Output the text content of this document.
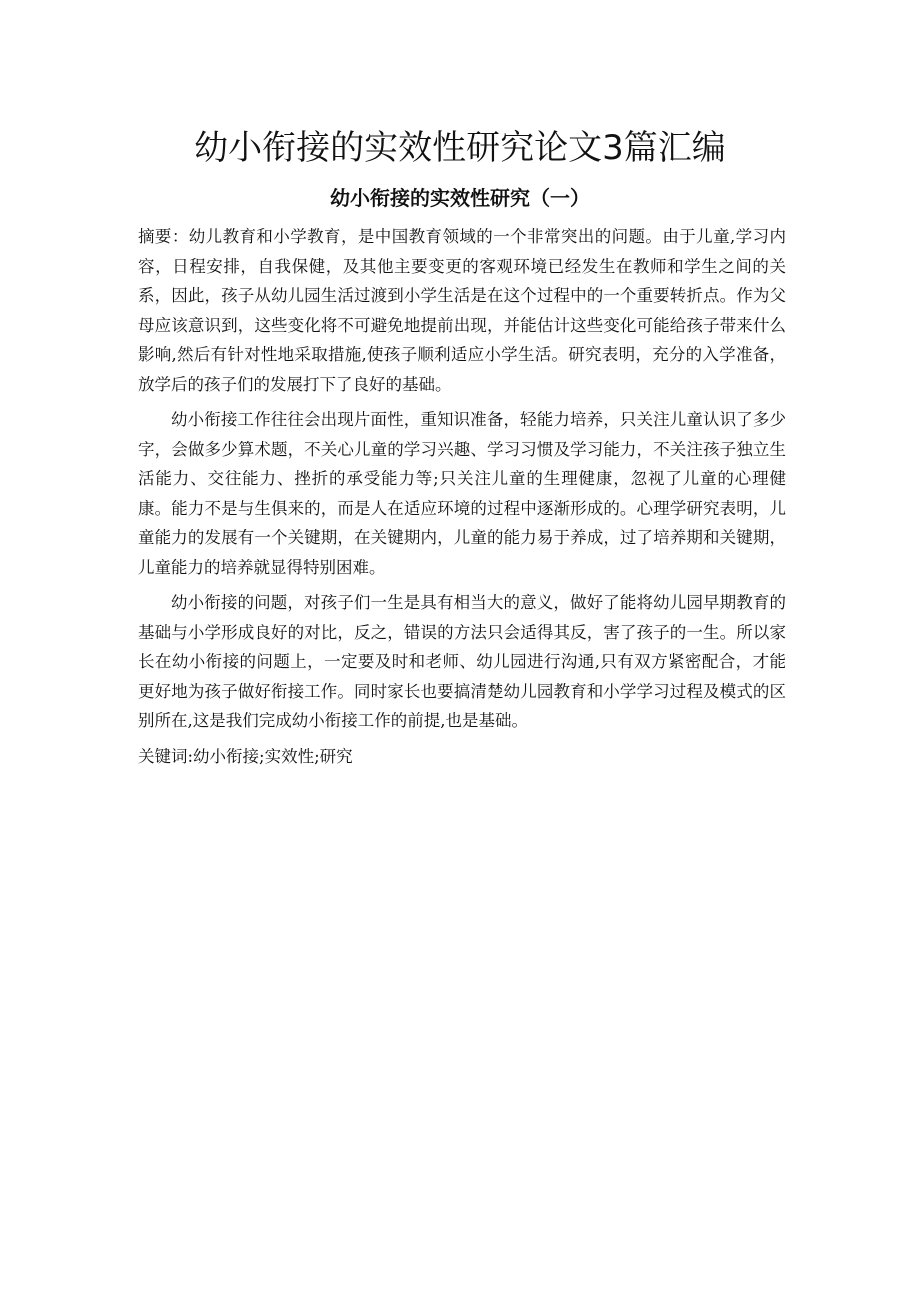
幼小衔接的实效性研究论文3篇汇编
幼小衔接的实效性研究（一）

摘要：幼儿教育和小学教育，是中国教育领域的一个非常突出的问题。由于儿童,学习内容，日程安排，自我保健，及其他主要变更的客观环境已经发生在教师和学生之间的关系，因此，孩子从幼儿园生活过渡到小学生活是在这个过程中的一个重要转折点。作为父母应该意识到，这些变化将不可避免地提前出现，并能估计这些变化可能给孩子带来什么影响,然后有针对性地采取措施,使孩子顺利适应小学生活。研究表明，充分的入学准备，放学后的孩子们的发展打下了良好的基础。

幼小衔接工作往往会出现片面性，重知识准备，轻能力培养，只关注儿童认识了多少字，会做多少算术题，不关心儿童的学习兴趣、学习习惯及学习能力，不关注孩子独立生活能力、交往能力、挫折的承受能力等;只关注儿童的生理健康，忽视了儿童的心理健康。能力不是与生俱来的，而是人在适应环境的过程中逐渐形成的。心理学研究表明，儿童能力的发展有一个关键期，在关键期内，儿童的能力易于养成，过了培养期和关键期，儿童能力的培养就显得特别困难。

幼小衔接的问题，对孩子们一生是具有相当大的意义，做好了能将幼儿园早期教育的基础与小学形成良好的对比，反之，错误的方法只会适得其反，害了孩子的一生。所以家长在幼小衔接的问题上，一定要及时和老师、幼儿园进行沟通,只有双方紧密配合，才能更好地为孩子做好衔接工作。同时家长也要搞清楚幼儿园教育和小学学习过程及模式的区别所在,这是我们完成幼小衔接工作的前提,也是基础。

关键词:幼小衔接;实效性;研究
